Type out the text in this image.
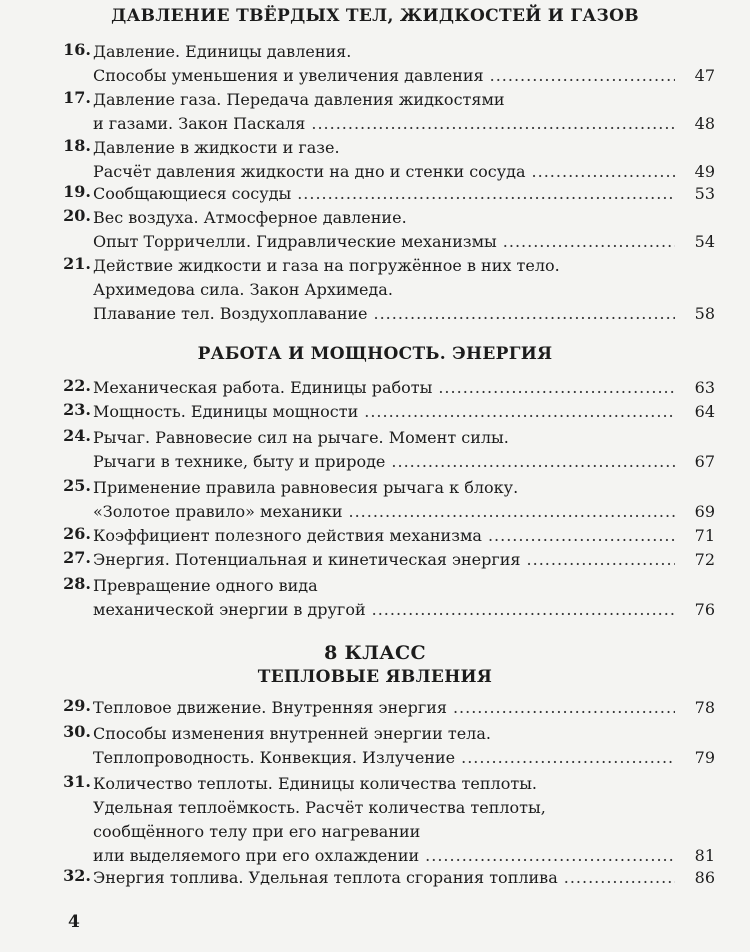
ДАВЛЕНИЕ ТВЁРДЫХ ТЕЛ, ЖИДКОСТЕЙ И ГАЗОВ
16. Давление. Единицы давления.
Способы уменьшения и увеличения давления .....	47
17. Давление газа. Передача давления жидкостями
и газами. Закон Паскаля .....	48
18. Давление в жидкости и газе.
Расчёт давления жидкости на дно и стенки сосуда .....	49
19. Сообщающиеся сосуды .....	53
20. Вес воздуха. Атмосферное давление.
Опыт Торричелли. Гидравлические механизмы .....	54
21. Действие жидкости и газа на погружённое в них тело.
Архимедова сила. Закон Архимеда.
Плавание тел. Воздухоплавание .....	58
РАБОТА И МОЩНОСТЬ. ЭНЕРГИЯ
22. Механическая работа. Единицы работы .....	63
23. Мощность. Единицы мощности .....	64
24. Рычаг. Равновесие сил на рычаге. Момент силы.
Рычаги в технике, быту и природе .....	67
25. Применение правила равновесия рычага к блоку.
«Золотое правило» механики .....	69
26. Коэффициент полезного действия механизма .....	71
27. Энергия. Потенциальная и кинетическая энергия .....	72
28. Превращение одного вида
механической энергии в другой .....	76
8 КЛАСС
ТЕПЛОВЫЕ ЯВЛЕНИЯ
29. Тепловое движение. Внутренняя энергия .....	78
30. Способы изменения внутренней энергии тела.
Теплопроводность. Конвекция. Излучение .....	79
31. Количество теплоты. Единицы количества теплоты.
Удельная теплоёмкость. Расчёт количества теплоты,
сообщённого телу при его нагревании
или выделяемого при его охлаждении .....	81
32. Энергия топлива. Удельная теплота сгорания топлива .....	86
4
